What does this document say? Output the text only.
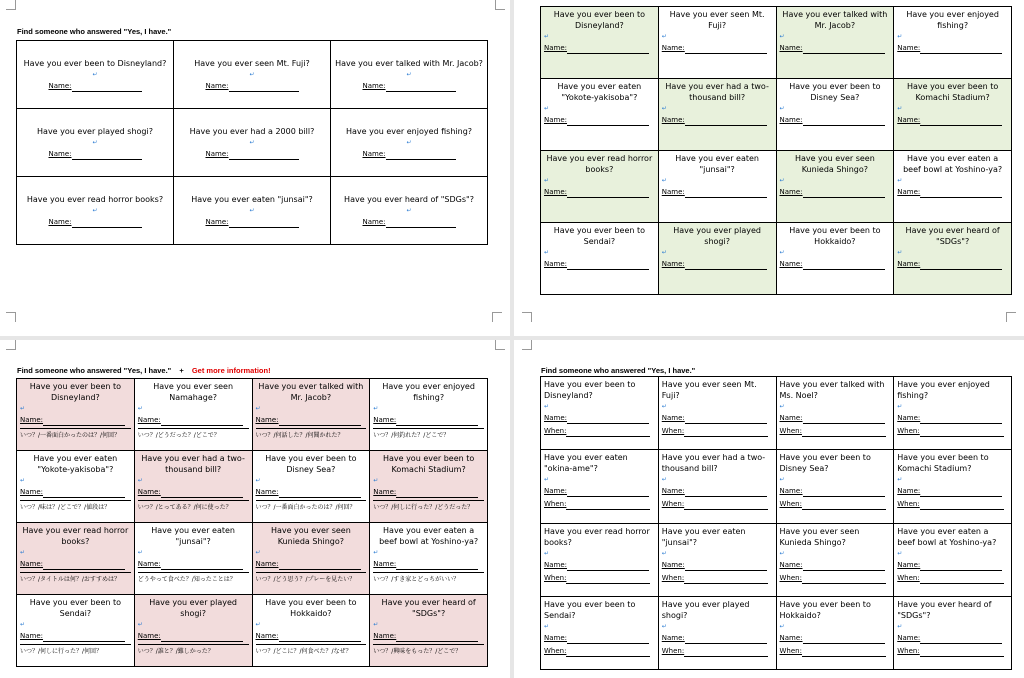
Find someone who answered "Yes, I have."
Have you ever been to Disneyland?
↵
Name:	Have you ever seen Mt. Fuji?
↵
Name:	Have you ever talked with Mr. Jacob?
↵
Name:

Have you ever played shogi?
↵
Name:	Have you ever had a 2000 bill?
↵
Name:	Have you ever enjoyed fishing?
↵
Name:

Have you ever read horror books?
↵
Name:	Have you ever eaten "junsai"?
↵
Name:	Have you ever heard of "SDGs"?
↵
Name:
Have you ever been to Disneyland?
↵
Name:	Have you ever seen Mt. Fuji?
↵
Name:	Have you ever talked with Mr. Jacob?
↵
Name:	Have you ever enjoyed fishing?
↵
Name:

Have you ever eaten "Yokote-yakisoba"?
↵
Name:	Have you ever had a two-thousand bill?
↵
Name:	Have you ever been to Disney Sea?
↵
Name:	Have you ever been to Komachi Stadium?
↵
Name:

Have you ever read horror books?
↵
Name:	Have you ever eaten "junsai"?
↵
Name:	Have you ever seen Kunieda Shingo?
↵
Name:	Have you ever eaten a beef bowl at Yoshino-ya?
↵
Name:

Have you ever been to Sendai?
↵
Name:	Have you ever played shogi?
↵
Name:	Have you ever been to Hokkaido?
↵
Name:	Have you ever heard of "SDGs"?
↵
Name:
Find someone who answered "Yes, I have." + Get more information!
Have you ever been to Disneyland?
↵
Name:
いつ？/一番面白かったのは？/何回？	Have you ever seen Namahage?
↵
Name:
いつ？/どうだった？/どこで？	Have you ever talked with Mr. Jacob?
↵
Name:
いつ？/何話した？/何聞かれた？	Have you ever enjoyed fishing?
↵
Name:
いつ？/何釣れた？/どこで？

Have you ever eaten "Yokote-yakisoba"?
↵
Name:
いつ？/味は？/どこで？/値段は？	Have you ever had a two-thousand bill?
↵
Name:
いつ？/とってある？/何に使った？	Have you ever been to Disney Sea?
↵
Name:
いつ？/一番面白かったのは？/何回？	Have you ever been to Komachi Stadium?
↵
Name:
いつ？/何しに行った？/どうだった？

Have you ever read horror books?
↵
Name:
いつ？/タイトルは何？/おすすめは？	Have you ever eaten "junsai"?
↵
Name:
どうやって食べた？/知ったことは？	Have you ever seen Kunieda Shingo?
↵
Name:
いつ？/どう思う？/プレーを見たい？	Have you ever eaten a beef bowl at Yoshino-ya?
↵
Name:
いつ？/すき家とどっちがいい？

Have you ever been to Sendai?
↵
Name:
いつ？/何しに行った？/何回？	Have you ever played shogi?
↵
Name:
いつ？/誰と？/難しかった？	Have you ever been to Hokkaido?
↵
Name:
いつ？/どこに？/何食べた？/なぜ？	Have you ever heard of "SDGs"?
↵
Name:
いつ？/興味をもった？/どこで？
Find someone who answered "Yes, I have."
Have you ever been to Disneyland?
↵
Name:
When:	Have you ever seen Mt. Fuji?
↵
Name:
When:	Have you ever talked with Ms. Noel?
↵
Name:
When:	Have you ever enjoyed fishing?
↵
Name:
When:

Have you ever eaten "okina-ame"?
↵
Name:
When:	Have you ever had a two-thousand bill?
↵
Name:
When:	Have you ever been to Disney Sea?
↵
Name:
When:	Have you ever been to Komachi Stadium?
↵
Name:
When:

Have you ever read horror books?
↵
Name:
When:	Have you ever eaten "junsai"?
↵
Name:
When:	Have you ever seen Kunieda Shingo?
↵
Name:
When:	Have you ever eaten a beef bowl at Yoshino-ya?
↵
Name:
When:

Have you ever been to Sendai?
↵
Name:
When:	Have you ever played shogi?
↵
Name:
When:	Have you ever been to Hokkaido?
↵
Name:
When:	Have you ever heard of "SDGs"?
↵
Name:
When:
